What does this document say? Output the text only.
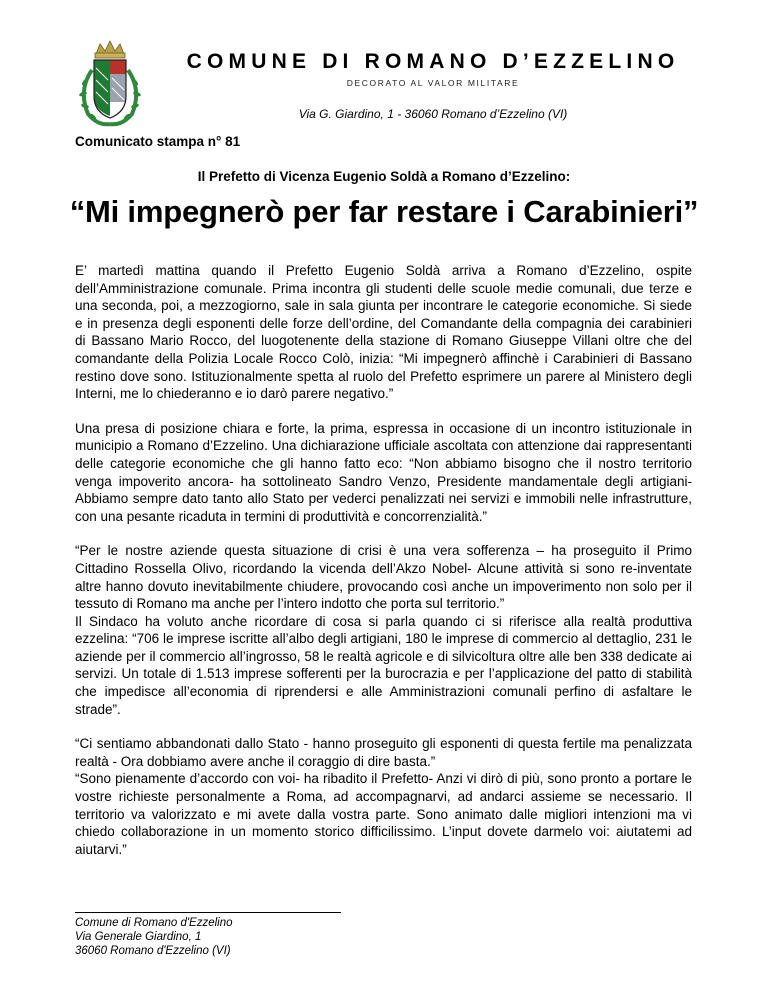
COMUNE DI ROMANO D’EZZELINO
DECORATO AL VALOR MILITARE
Via G. Giardino, 1 - 36060 Romano d’Ezzelino (VI)
Comunicato stampa n° 81
Il Prefetto di Vicenza Eugenio Soldà a Romano d’Ezzelino:
“Mi impegnerò per far restare i Carabinieri”

E’ martedì mattina quando il Prefetto Eugenio Soldà arriva a Romano d’Ezzelino, ospite dell’Amministrazione comunale. Prima incontra gli studenti delle scuole medie comunali, due terze e una seconda, poi, a mezzogiorno, sale in sala giunta per incontrare le categorie economiche. Si siede e in presenza degli esponenti delle forze dell’ordine, del Comandante della compagnia dei carabinieri di Bassano Mario Rocco, del luogotenente della stazione di Romano Giuseppe Villani oltre che del comandante della Polizia Locale Rocco Colò, inizia: “Mi impegnerò affinchè i Carabinieri di Bassano restino dove sono. Istituzionalmente spetta al ruolo del Prefetto esprimere un parere al Ministero degli Interni, me lo chiederanno e io darò parere negativo.”

Una presa di posizione chiara e forte, la prima, espressa in occasione di un incontro istituzionale in municipio a Romano d’Ezzelino. Una dichiarazione ufficiale ascoltata con attenzione dai rappresentanti delle categorie economiche che gli hanno fatto eco: “Non abbiamo bisogno che il nostro territorio venga impoverito ancora- ha sottolineato Sandro Venzo, Presidente mandamentale degli artigiani- Abbiamo sempre dato tanto allo Stato per vederci penalizzati nei servizi e immobili nelle infrastrutture, con una pesante ricaduta in termini di produttività e concorrenzialità.”

“Per le nostre aziende questa situazione di crisi è una vera sofferenza – ha proseguito il Primo Cittadino Rossella Olivo, ricordando la vicenda dell’Akzo Nobel- Alcune attività si sono re-inventate altre hanno dovuto inevitabilmente chiudere, provocando così anche un impoverimento non solo per il tessuto di Romano ma anche per l’intero indotto che porta sul territorio.”

Il Sindaco ha voluto anche ricordare di cosa si parla quando ci si riferisce alla realtà produttiva ezzelina: “706 le imprese iscritte all’albo degli artigiani, 180 le imprese di commercio al dettaglio, 231 le aziende per il commercio all’ingrosso, 58 le realtà agricole e di silvicoltura oltre alle ben 338 dedicate ai servizi. Un totale di 1.513 imprese sofferenti per la burocrazia e per l’applicazione del patto di stabilità che impedisce all’economia di riprendersi e alle Amministrazioni comunali perfino di asfaltare le strade”.

“Ci sentiamo abbandonati dallo Stato - hanno proseguito gli esponenti di questa fertile ma penalizzata realtà - Ora dobbiamo avere anche il coraggio di dire basta.”

“Sono pienamente d’accordo con voi- ha ribadito il Prefetto- Anzi vi dirò di più, sono pronto a portare le vostre richieste personalmente a Roma, ad accompagnarvi, ad andarci assieme se necessario. Il territorio va valorizzato e mi avete dalla vostra parte. Sono animato dalle migliori intenzioni ma vi chiedo collaborazione in un momento storico difficilissimo. L’input dovete darmelo voi: aiutatemi ad aiutarvi.”

Comune di Romano d'Ezzelino
Via Generale Giardino, 1
36060 Romano d'Ezzelino (VI)
